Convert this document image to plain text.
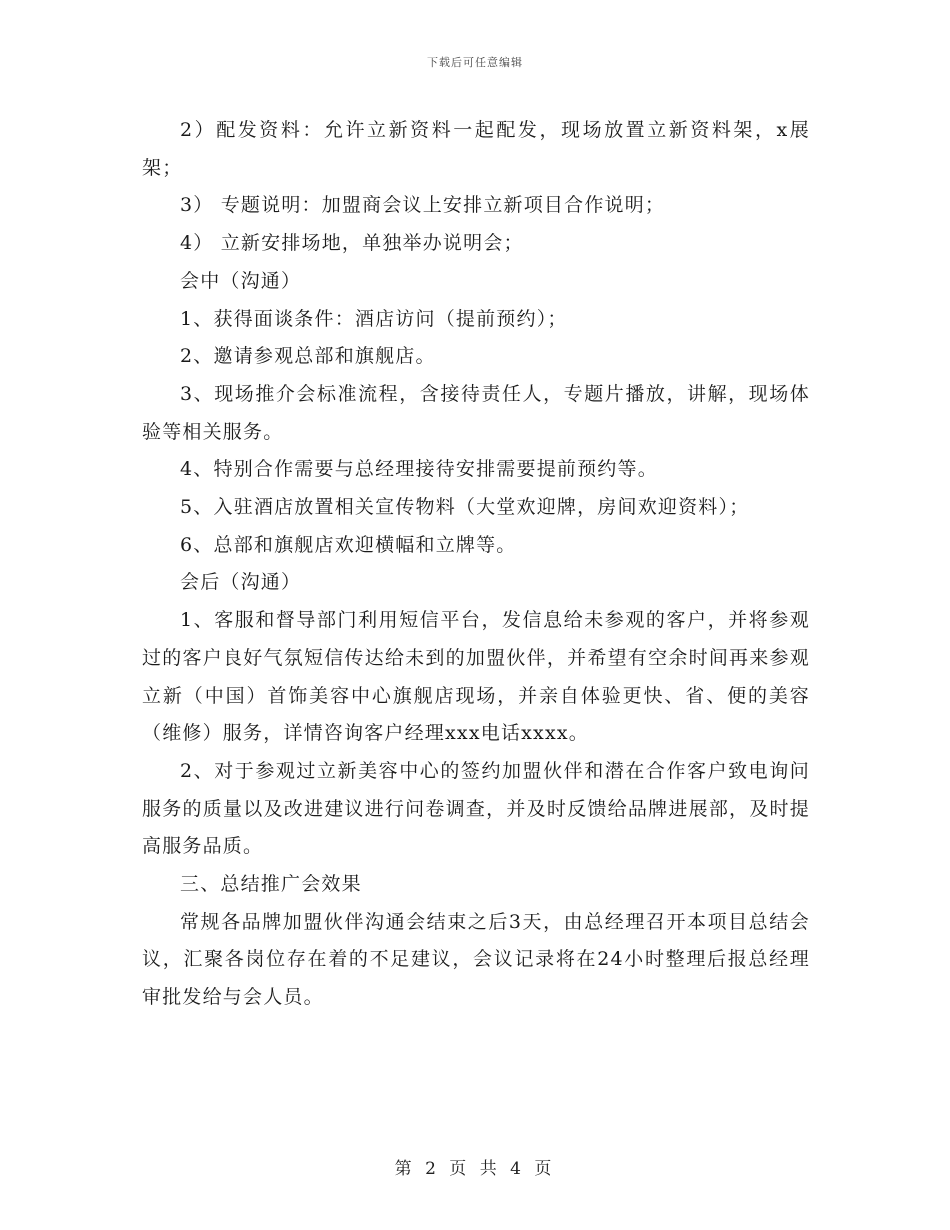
下载后可任意编辑

2）配发资料：允许立新资料一起配发，现场放置立新资料架，x展架；

3） 专题说明：加盟商会议上安排立新项目合作说明；

4） 立新安排场地，单独举办说明会；

会中（沟通）

1、获得面谈条件：酒店访问（提前预约）；

2、邀请参观总部和旗舰店。

3、现场推介会标准流程，含接待责任人，专题片播放，讲解，现场体验等相关服务。

4、特别合作需要与总经理接待安排需要提前预约等。

5、入驻酒店放置相关宣传物料（大堂欢迎牌，房间欢迎资料）；

6、总部和旗舰店欢迎横幅和立牌等。

会后（沟通）

1、客服和督导部门利用短信平台，发信息给未参观的客户，并将参观过的客户良好气氛短信传达给未到的加盟伙伴，并希望有空余时间再来参观立新（中国）首饰美容中心旗舰店现场，并亲自体验更快、省、便的美容（维修）服务，详情咨询客户经理xxx电话xxxx。

2、对于参观过立新美容中心的签约加盟伙伴和潜在合作客户致电询问服务的质量以及改进建议进行问卷调查，并及时反馈给品牌进展部，及时提高服务品质。

三、总结推广会效果

常规各品牌加盟伙伴沟通会结束之后3天，由总经理召开本项目总结会议，汇聚各岗位存在着的不足建议，会议记录将在24小时整理后报总经理审批发给与会人员。

第 2 页 共 4 页
